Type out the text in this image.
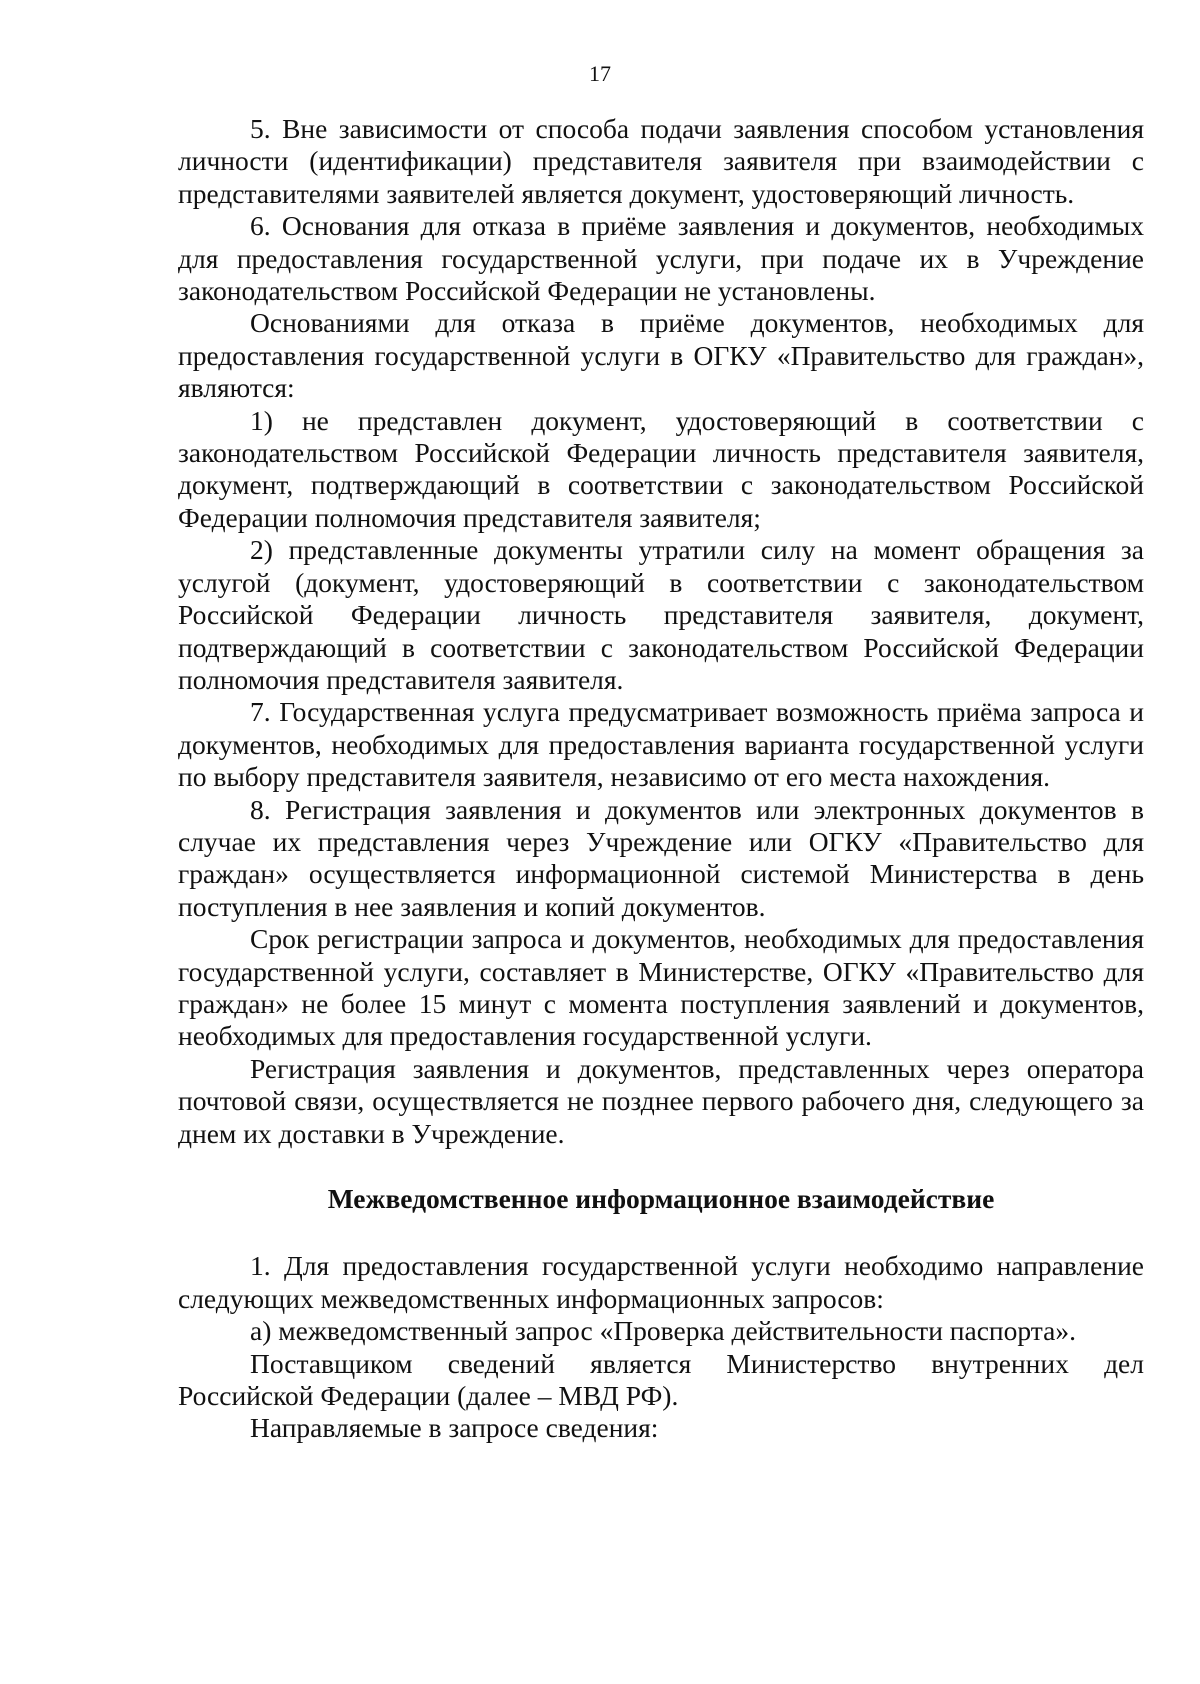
17

5. Вне зависимости от способа подачи заявления способом установления личности (идентификации) представителя заявителя при взаимодействии с представителями заявителей является документ, удостоверяющий личность.

6. Основания для отказа в приёме заявления и документов, необходимых для предоставления государственной услуги, при подаче их в Учреждение законодательством Российской Федерации не установлены.

Основаниями для отказа в приёме документов, необходимых для предоставления государственной услуги в ОГКУ «Правительство для граждан», являются:

1) не представлен документ, удостоверяющий в соответствии с законодательством Российской Федерации личность представителя заявителя, документ, подтверждающий в соответствии с законодательством Российской Федерации полномочия представителя заявителя;

2) представленные документы утратили силу на момент обращения за услугой (документ, удостоверяющий в соответствии с законодательством Российской Федерации личность представителя заявителя, документ, подтверждающий в соответствии с законодательством Российской Федерации полномочия представителя заявителя.

7. Государственная услуга предусматривает возможность приёма запроса и документов, необходимых для предоставления варианта государственной услуги по выбору представителя заявителя, независимо от его места нахождения.

8. Регистрация заявления и документов или электронных документов в случае их представления через Учреждение или ОГКУ «Правительство для граждан» осуществляется информационной системой Министерства в день поступления в нее заявления и копий документов.

Срок регистрации запроса и документов, необходимых для предоставления государственной услуги, составляет в Министерстве, ОГКУ «Правительство для граждан» не более 15 минут с момента поступления заявлений и документов, необходимых для предоставления государственной услуги.

Регистрация заявления и документов, представленных через оператора почтовой связи, осуществляется не позднее первого рабочего дня, следующего за днем их доставки в Учреждение.

Межведомственное информационное взаимодействие

1. Для предоставления государственной услуги необходимо направление следующих межведомственных информационных запросов:

а) межведомственный запрос «Проверка действительности паспорта».

Поставщиком сведений является Министерство внутренних дел Российской Федерации (далее – МВД РФ).

Направляемые в запросе сведения:
